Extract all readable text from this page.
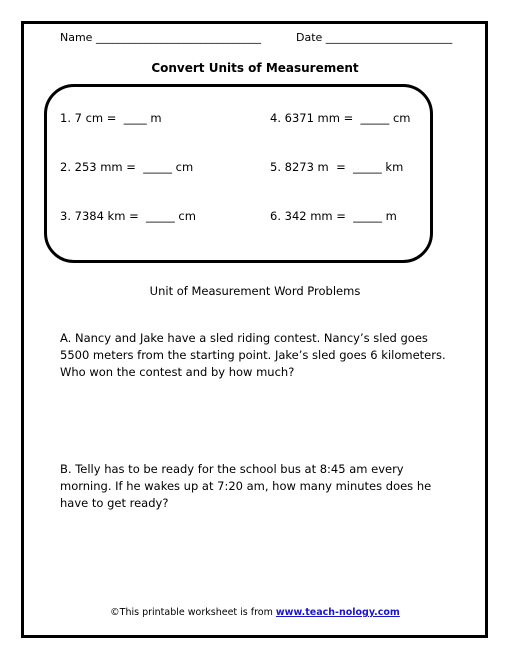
Name ______________________________	Date _______________________
Convert Units of Measurement
1. 7 cm =  ____ m	4. 6371 mm =  _____ cm
2. 253 mm =  _____ cm	5. 8273 m  =  _____ km
3. 7384 km =  _____ cm	6. 342 mm =  _____ m
Unit of Measurement Word Problems
A. Nancy and Jake have a sled riding contest. Nancy’s sled goes 5500 meters from the starting point. Jake’s sled goes 6 kilometers. Who won the contest and by how much?
B. Telly has to be ready for the school bus at 8:45 am every morning. If he wakes up at 7:20 am, how many minutes does he have to get ready?
©This printable worksheet is from www.teach-nology.com
